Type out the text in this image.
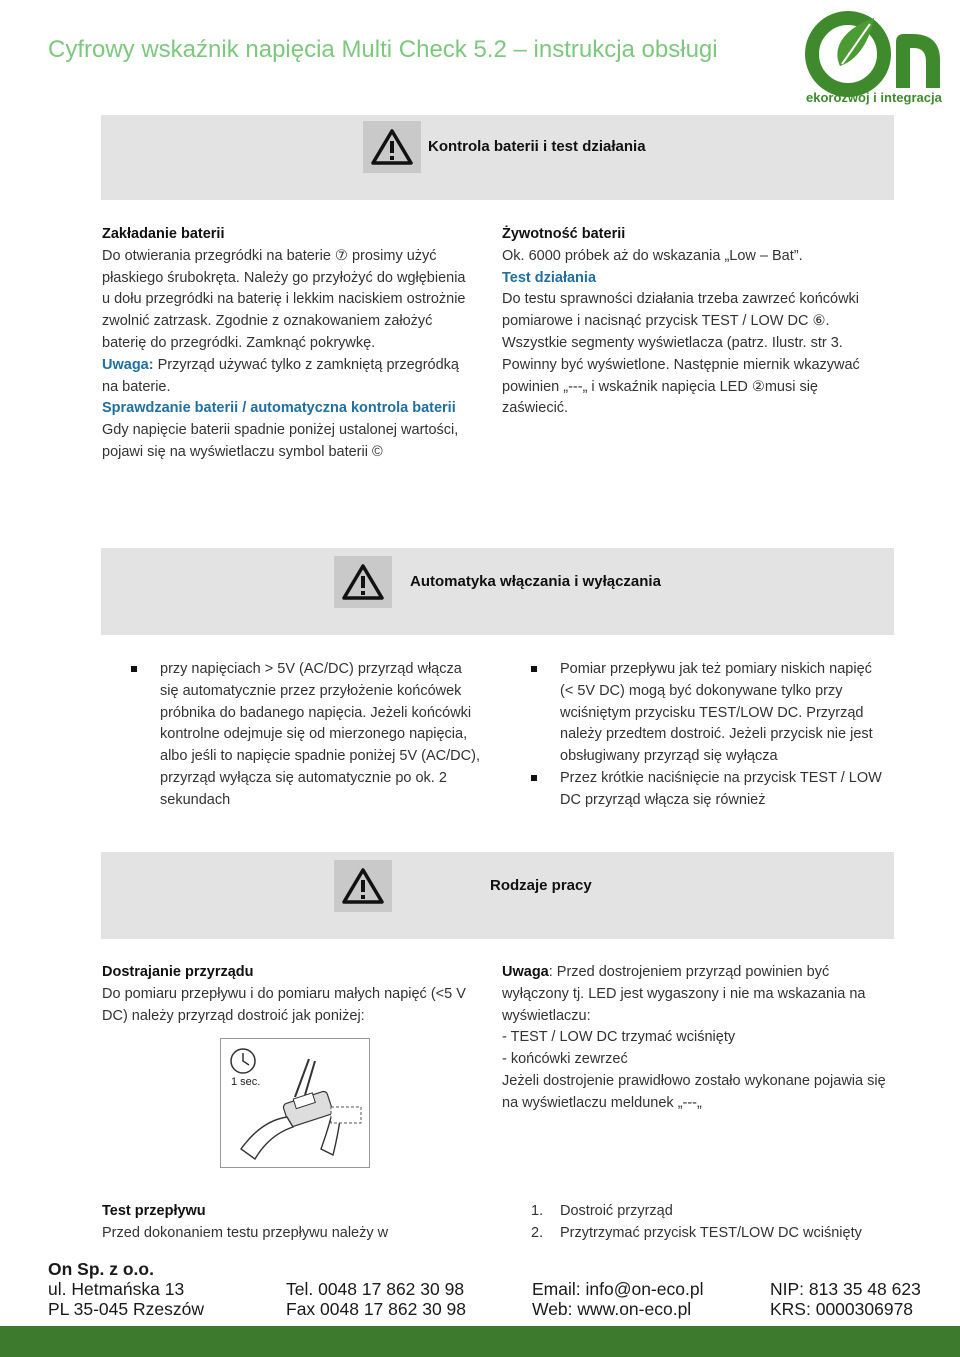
Cyfrowy wskaźnik napięcia Multi Check 5.2 – instrukcja obsługi
ekorozwój i integracja
Kontrola baterii i test działania

Zakładanie baterii

Do otwierania przegródki na baterie ⑦ prosimy użyć płaskiego śrubokręta. Należy go przyłożyć do wgłębienia u dołu przegródki na baterię i lekkim naciskiem ostrożnie zwolnić zatrzask. Zgodnie z oznakowaniem założyć baterię do przegródki. Zamknąć pokrywkę.

Uwaga: Przyrząd używać tylko z zamkniętą przegródką na baterie.

Sprawdzanie baterii / automatyczna kontrola baterii

Gdy napięcie baterii spadnie poniżej ustalonej wartości, pojawi się na wyświetlaczu symbol baterii ©

Żywotność baterii

Ok. 6000 próbek aż do wskazania „Low – Bat”.

Test działania

Do testu sprawności działania trzeba zawrzeć końcówki pomiarowe i nacisnąć przycisk TEST / LOW DC ⑥. Wszystkie segmenty wyświetlacza (patrz. Ilustr. str 3. Powinny być wyświetlone. Następnie miernik wkazywać powinien „---„ i wskaźnik napięcia LED ②musi się zaświecić.

Automatyka włączania i wyłączania
przy napięciach > 5V (AC/DC) przyrząd włącza się automatycznie przez przyłożenie końcówek próbnika do badanego napięcia. Jeżeli końcówki kontrolne odejmuje się od mierzonego napięcia, albo jeśli to napięcie spadnie poniżej 5V (AC/DC), przyrząd wyłącza się automatycznie po ok. 2 sekundach
Pomiar przepływu jak też pomiary niskich napięć (< 5V DC) mogą być dokonywane tylko przy wciśniętym przycisku TEST/LOW DC. Przyrząd należy przedtem dostroić. Jeżeli przycisk nie jest obsługiwany przyrząd się wyłącza
Przez krótkie naciśnięcie na przycisk TEST / LOW DC przyrząd włącza się również
Rodzaje pracy

Dostrajanie przyrządu

Do pomiaru przepływu i do pomiaru małych napięć (<5 V DC) należy przyrząd dostroić jak poniżej:

1 sec.

Uwaga: Przed dostrojeniem przyrząd powinien być wyłączony tj. LED jest wygaszony i nie ma wskazania na wyświetlaczu:

- TEST / LOW DC trzymać wciśnięty

- końcówki zewrzeć

Jeżeli dostrojenie prawidłowo zostało wykonane pojawia się na wyświetlaczu meldunek „---„

Test przepływu

Przed dokonaniem testu przepływu należy w

1. Dostroić przyrząd
2. Przytrzymać przycisk TEST/LOW DC wciśnięty
On Sp. z o.o.
ul. Hetmańska 13
PL 35-045 Rzeszów
Tel. 0048 17 862 30 98
Fax 0048 17 862 30 98
Email: info@on-eco.pl
Web: www.on-eco.pl
NIP: 813 35 48 623
KRS: 0000306978
